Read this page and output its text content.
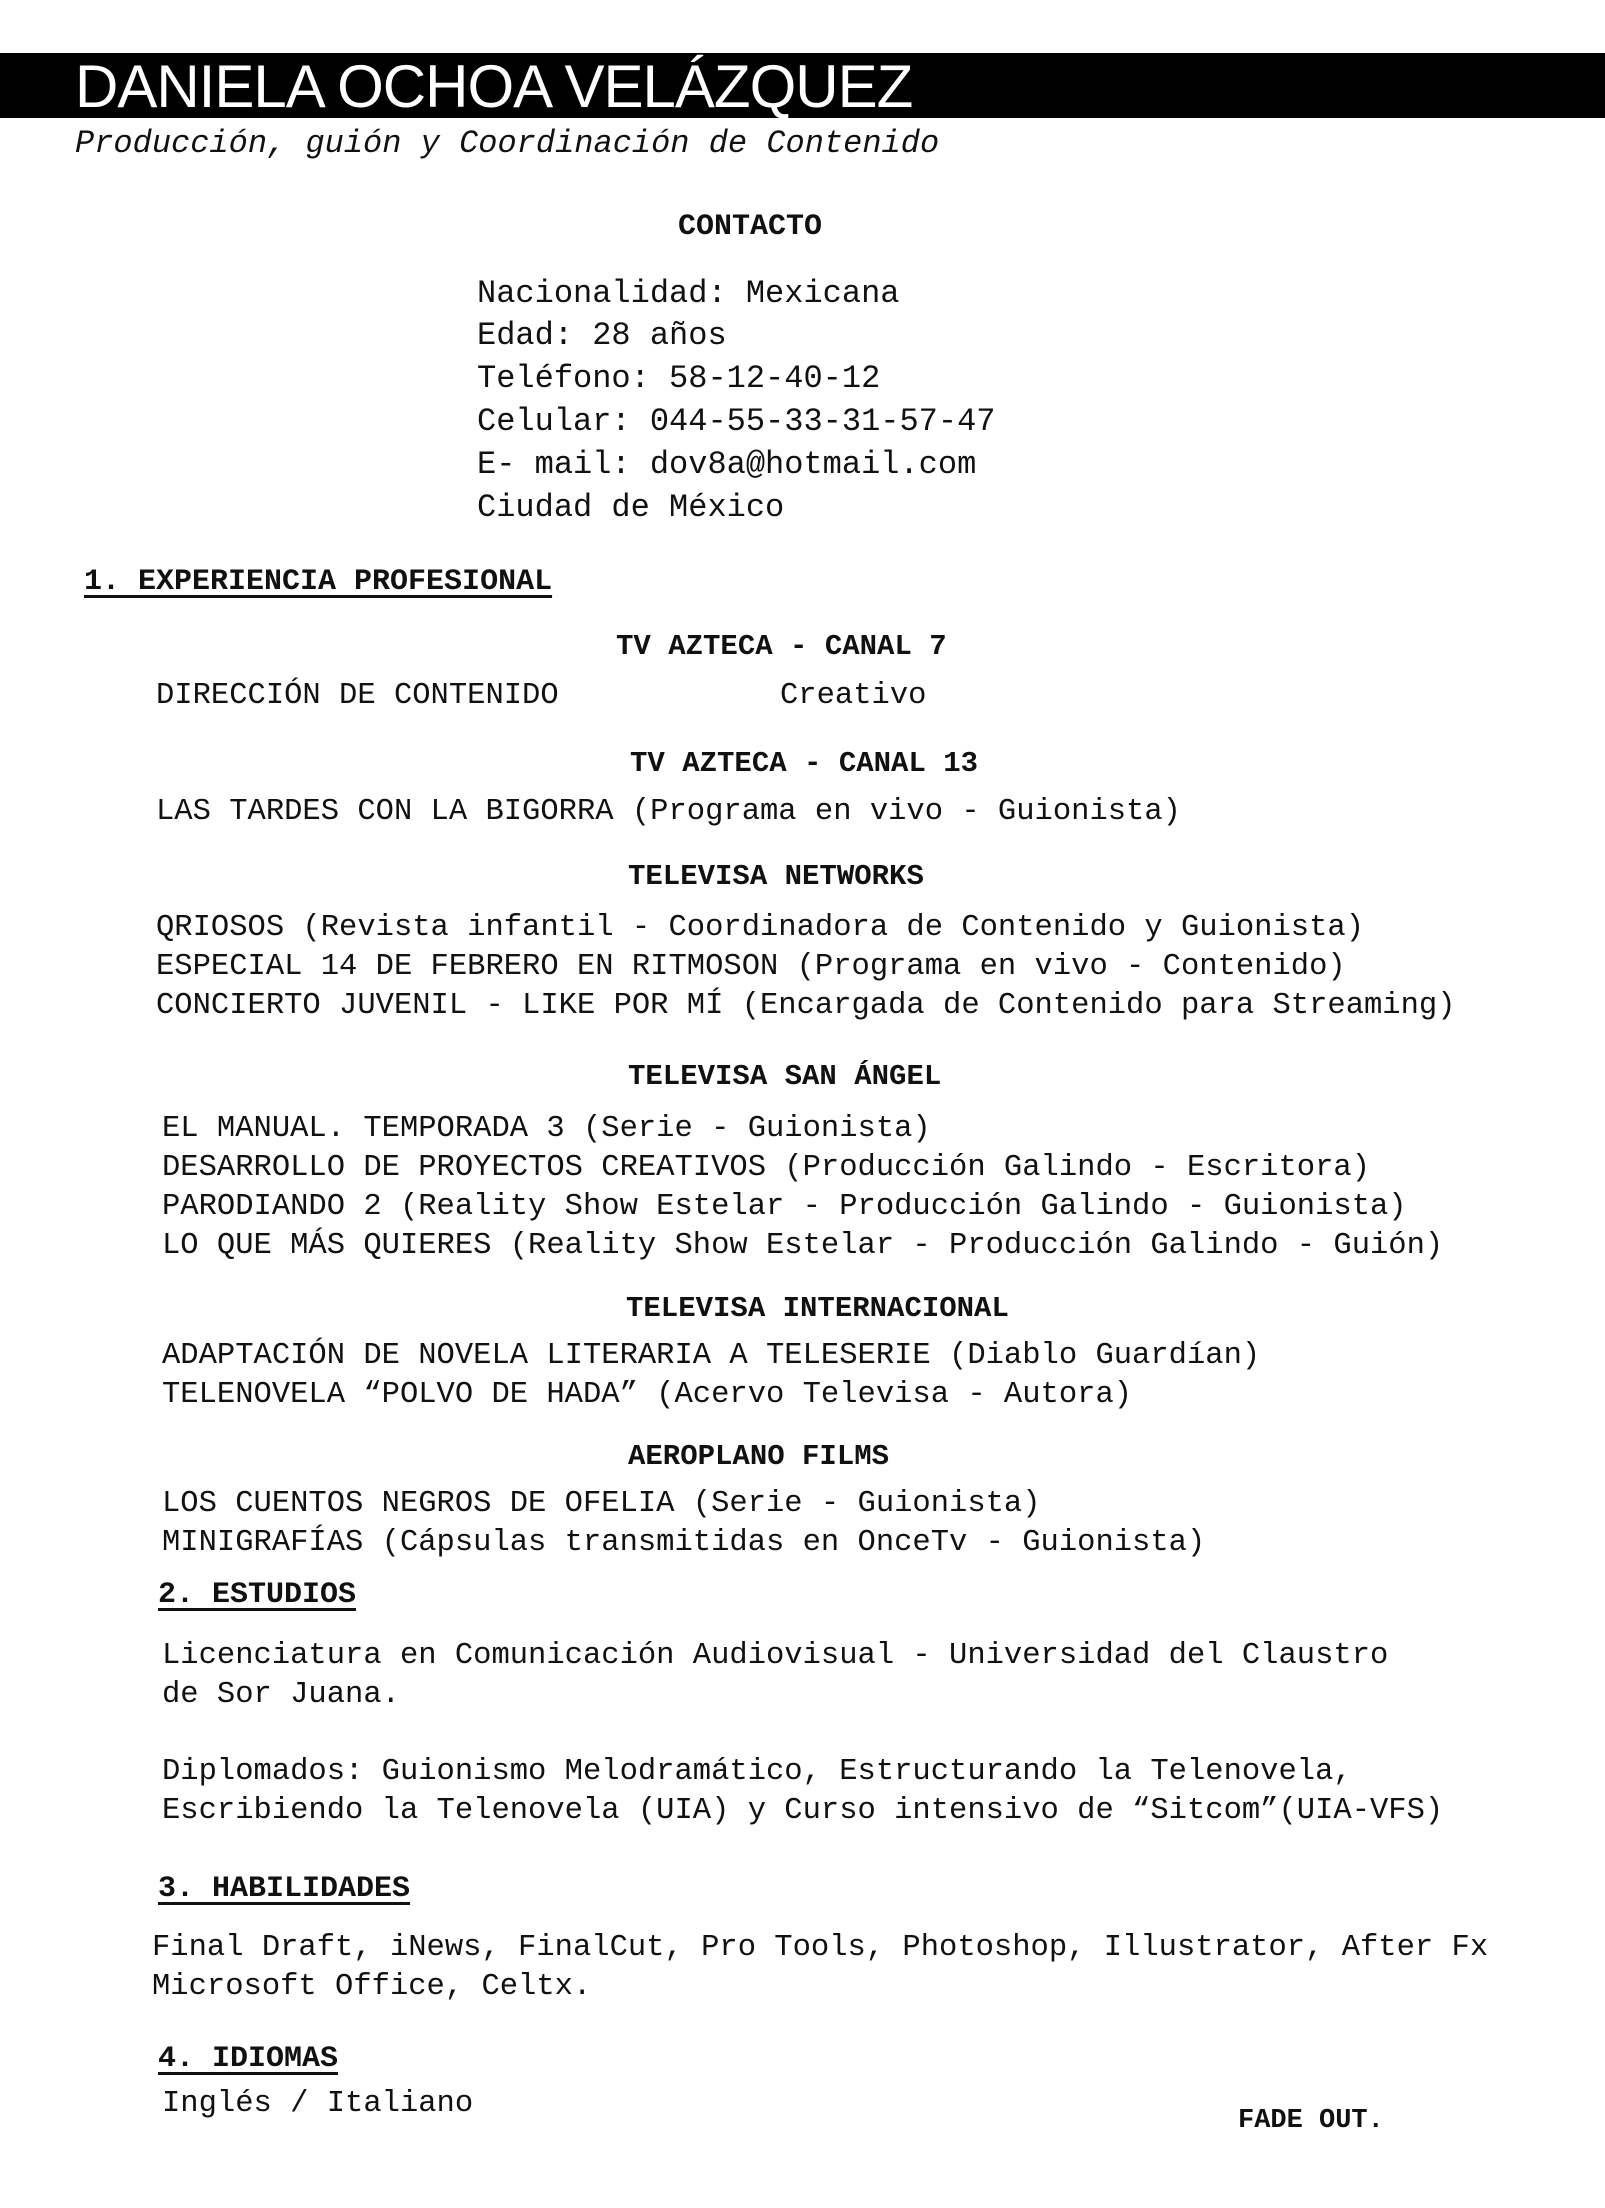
DANIELA OCHOA VELÁZQUEZ
Producción, guión y Coordinación de Contenido
CONTACTO
Nacionalidad: Mexicana
Edad: 28 años
Teléfono: 58-12-40-12
Celular: 044-55-33-31-57-47
E- mail: dov8a@hotmail.com
Ciudad de México
1. EXPERIENCIA PROFESIONAL
TV AZTECA - CANAL 7
DIRECCIÓN DE CONTENIDO	Creativo
TV AZTECA - CANAL 13
LAS TARDES CON LA BIGORRA (Programa en vivo - Guionista)
TELEVISA NETWORKS
QRIOSOS (Revista infantil - Coordinadora de Contenido y Guionista)
ESPECIAL 14 DE FEBRERO EN RITMOSON (Programa en vivo - Contenido)
CONCIERTO JUVENIL - LIKE POR MÍ (Encargada de Contenido para Streaming)
TELEVISA SAN ÁNGEL
EL MANUAL. TEMPORADA 3 (Serie - Guionista)
DESARROLLO DE PROYECTOS CREATIVOS (Producción Galindo - Escritora)
PARODIANDO 2 (Reality Show Estelar - Producción Galindo - Guionista)
LO QUE MÁS QUIERES (Reality Show Estelar - Producción Galindo - Guión)
TELEVISA INTERNACIONAL
ADAPTACIÓN DE NOVELA LITERARIA A TELESERIE (Diablo Guardían)
TELENOVELA “POLVO DE HADA” (Acervo Televisa - Autora)
AEROPLANO FILMS
LOS CUENTOS NEGROS DE OFELIA (Serie - Guionista)
MINIGRAFÍAS (Cápsulas transmitidas en OnceTv - Guionista)
2. ESTUDIOS
Licenciatura en Comunicación Audiovisual - Universidad del Claustro
de Sor Juana.
Diplomados: Guionismo Melodramático, Estructurando la Telenovela,
Escribiendo la Telenovela (UIA) y Curso intensivo de “Sitcom”(UIA-VFS)
3. HABILIDADES
Final Draft, iNews, FinalCut, Pro Tools, Photoshop, Illustrator, After Fx
Microsoft Office, Celtx.
4. IDIOMAS
Inglés / Italiano	FADE OUT.
